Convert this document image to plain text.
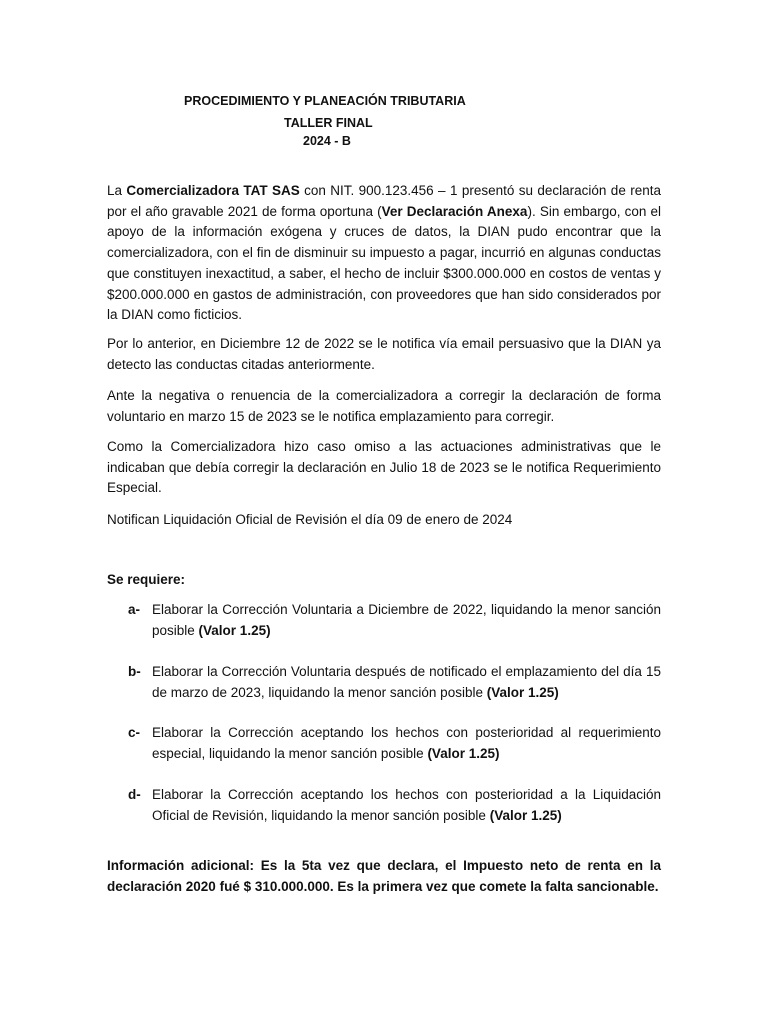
PROCEDIMIENTO Y PLANEACIÓN TRIBUTARIA
TALLER FINAL
2024 - B
La Comercializadora TAT SAS con NIT. 900.123.456 – 1 presentó su declaración de renta por el año gravable 2021 de forma oportuna (Ver Declaración Anexa). Sin embargo, con el apoyo de la información exógena y cruces de datos, la DIAN pudo encontrar que la comercializadora, con el fin de disminuir su impuesto a pagar, incurrió en algunas conductas que constituyen inexactitud, a saber, el hecho de incluir $300.000.000 en costos de ventas y $200.000.000 en gastos de administración, con proveedores que han sido considerados por la DIAN como ficticios.
Por lo anterior, en Diciembre 12 de 2022 se le notifica vía email persuasivo que la DIAN ya detecto las conductas citadas anteriormente.
Ante la negativa o renuencia de la comercializadora a corregir la declaración de forma voluntario en marzo 15 de 2023 se le notifica emplazamiento para corregir.
Como la Comercializadora hizo caso omiso a las actuaciones administrativas que le indicaban que debía corregir la declaración en Julio 18 de 2023 se le notifica Requerimiento Especial.
Notifican Liquidación Oficial de Revisión el día 09 de enero de 2024
Se requiere:
a- Elaborar la Corrección Voluntaria a Diciembre de 2022, liquidando la menor sanción posible (Valor 1.25)
b- Elaborar la Corrección Voluntaria después de notificado el emplazamiento del día 15 de marzo de 2023, liquidando la menor sanción posible (Valor 1.25)
c- Elaborar la Corrección aceptando los hechos con posterioridad al requerimiento especial, liquidando la menor sanción posible (Valor 1.25)
d- Elaborar la Corrección aceptando los hechos con posterioridad a la Liquidación Oficial de Revisión, liquidando la menor sanción posible (Valor 1.25)
Información adicional: Es la 5ta vez que declara, el Impuesto neto de renta en la declaración 2020 fué $ 310.000.000. Es la primera vez que comete la falta sancionable.
